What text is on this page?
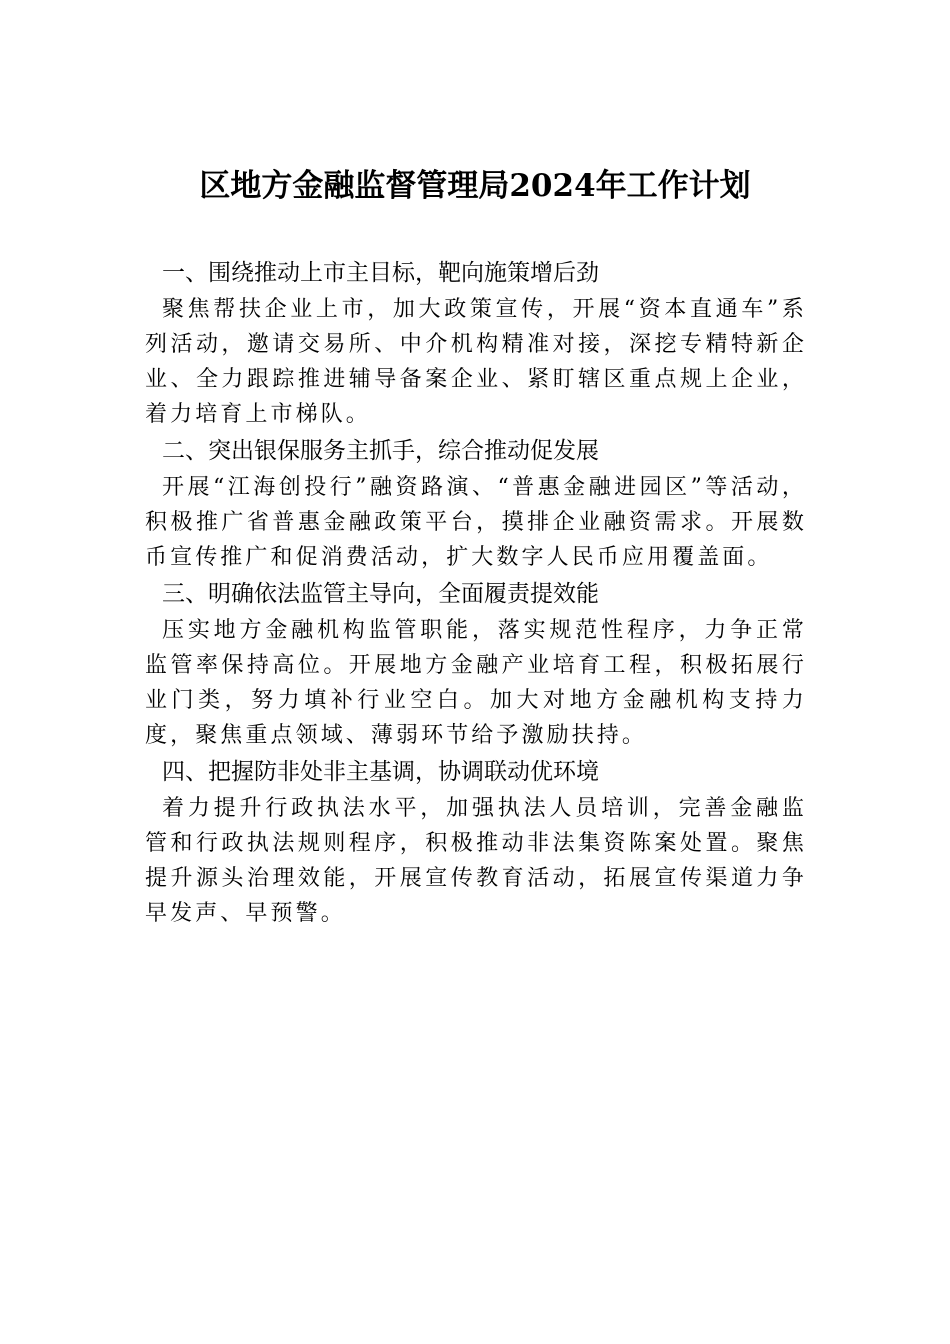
区地方金融监督管理局2024年工作计划

一、围绕推动上市主目标，靶向施策增后劲

聚焦帮扶企业上市，加大政策宣传，开展“资本直通车”系列活动，邀请交易所、中介机构精准对接，深挖专精特新企业、全力跟踪推进辅导备案企业、紧盯辖区重点规上企业，着力培育上市梯队。

二、突出银保服务主抓手，综合推动促发展

开展“江海创投行”融资路演、“普惠金融进园区”等活动，积极推广省普惠金融政策平台，摸排企业融资需求。开展数币宣传推广和促消费活动，扩大数字人民币应用覆盖面。

三、明确依法监管主导向，全面履责提效能

压实地方金融机构监管职能，落实规范性程序，力争正常监管率保持高位。开展地方金融产业培育工程，积极拓展行业门类，努力填补行业空白。加大对地方金融机构支持力度，聚焦重点领域、薄弱环节给予激励扶持。

四、把握防非处非主基调，协调联动优环境

着力提升行政执法水平，加强执法人员培训，完善金融监管和行政执法规则程序，积极推动非法集资陈案处置。聚焦提升源头治理效能，开展宣传教育活动，拓展宣传渠道力争早发声、早预警。
